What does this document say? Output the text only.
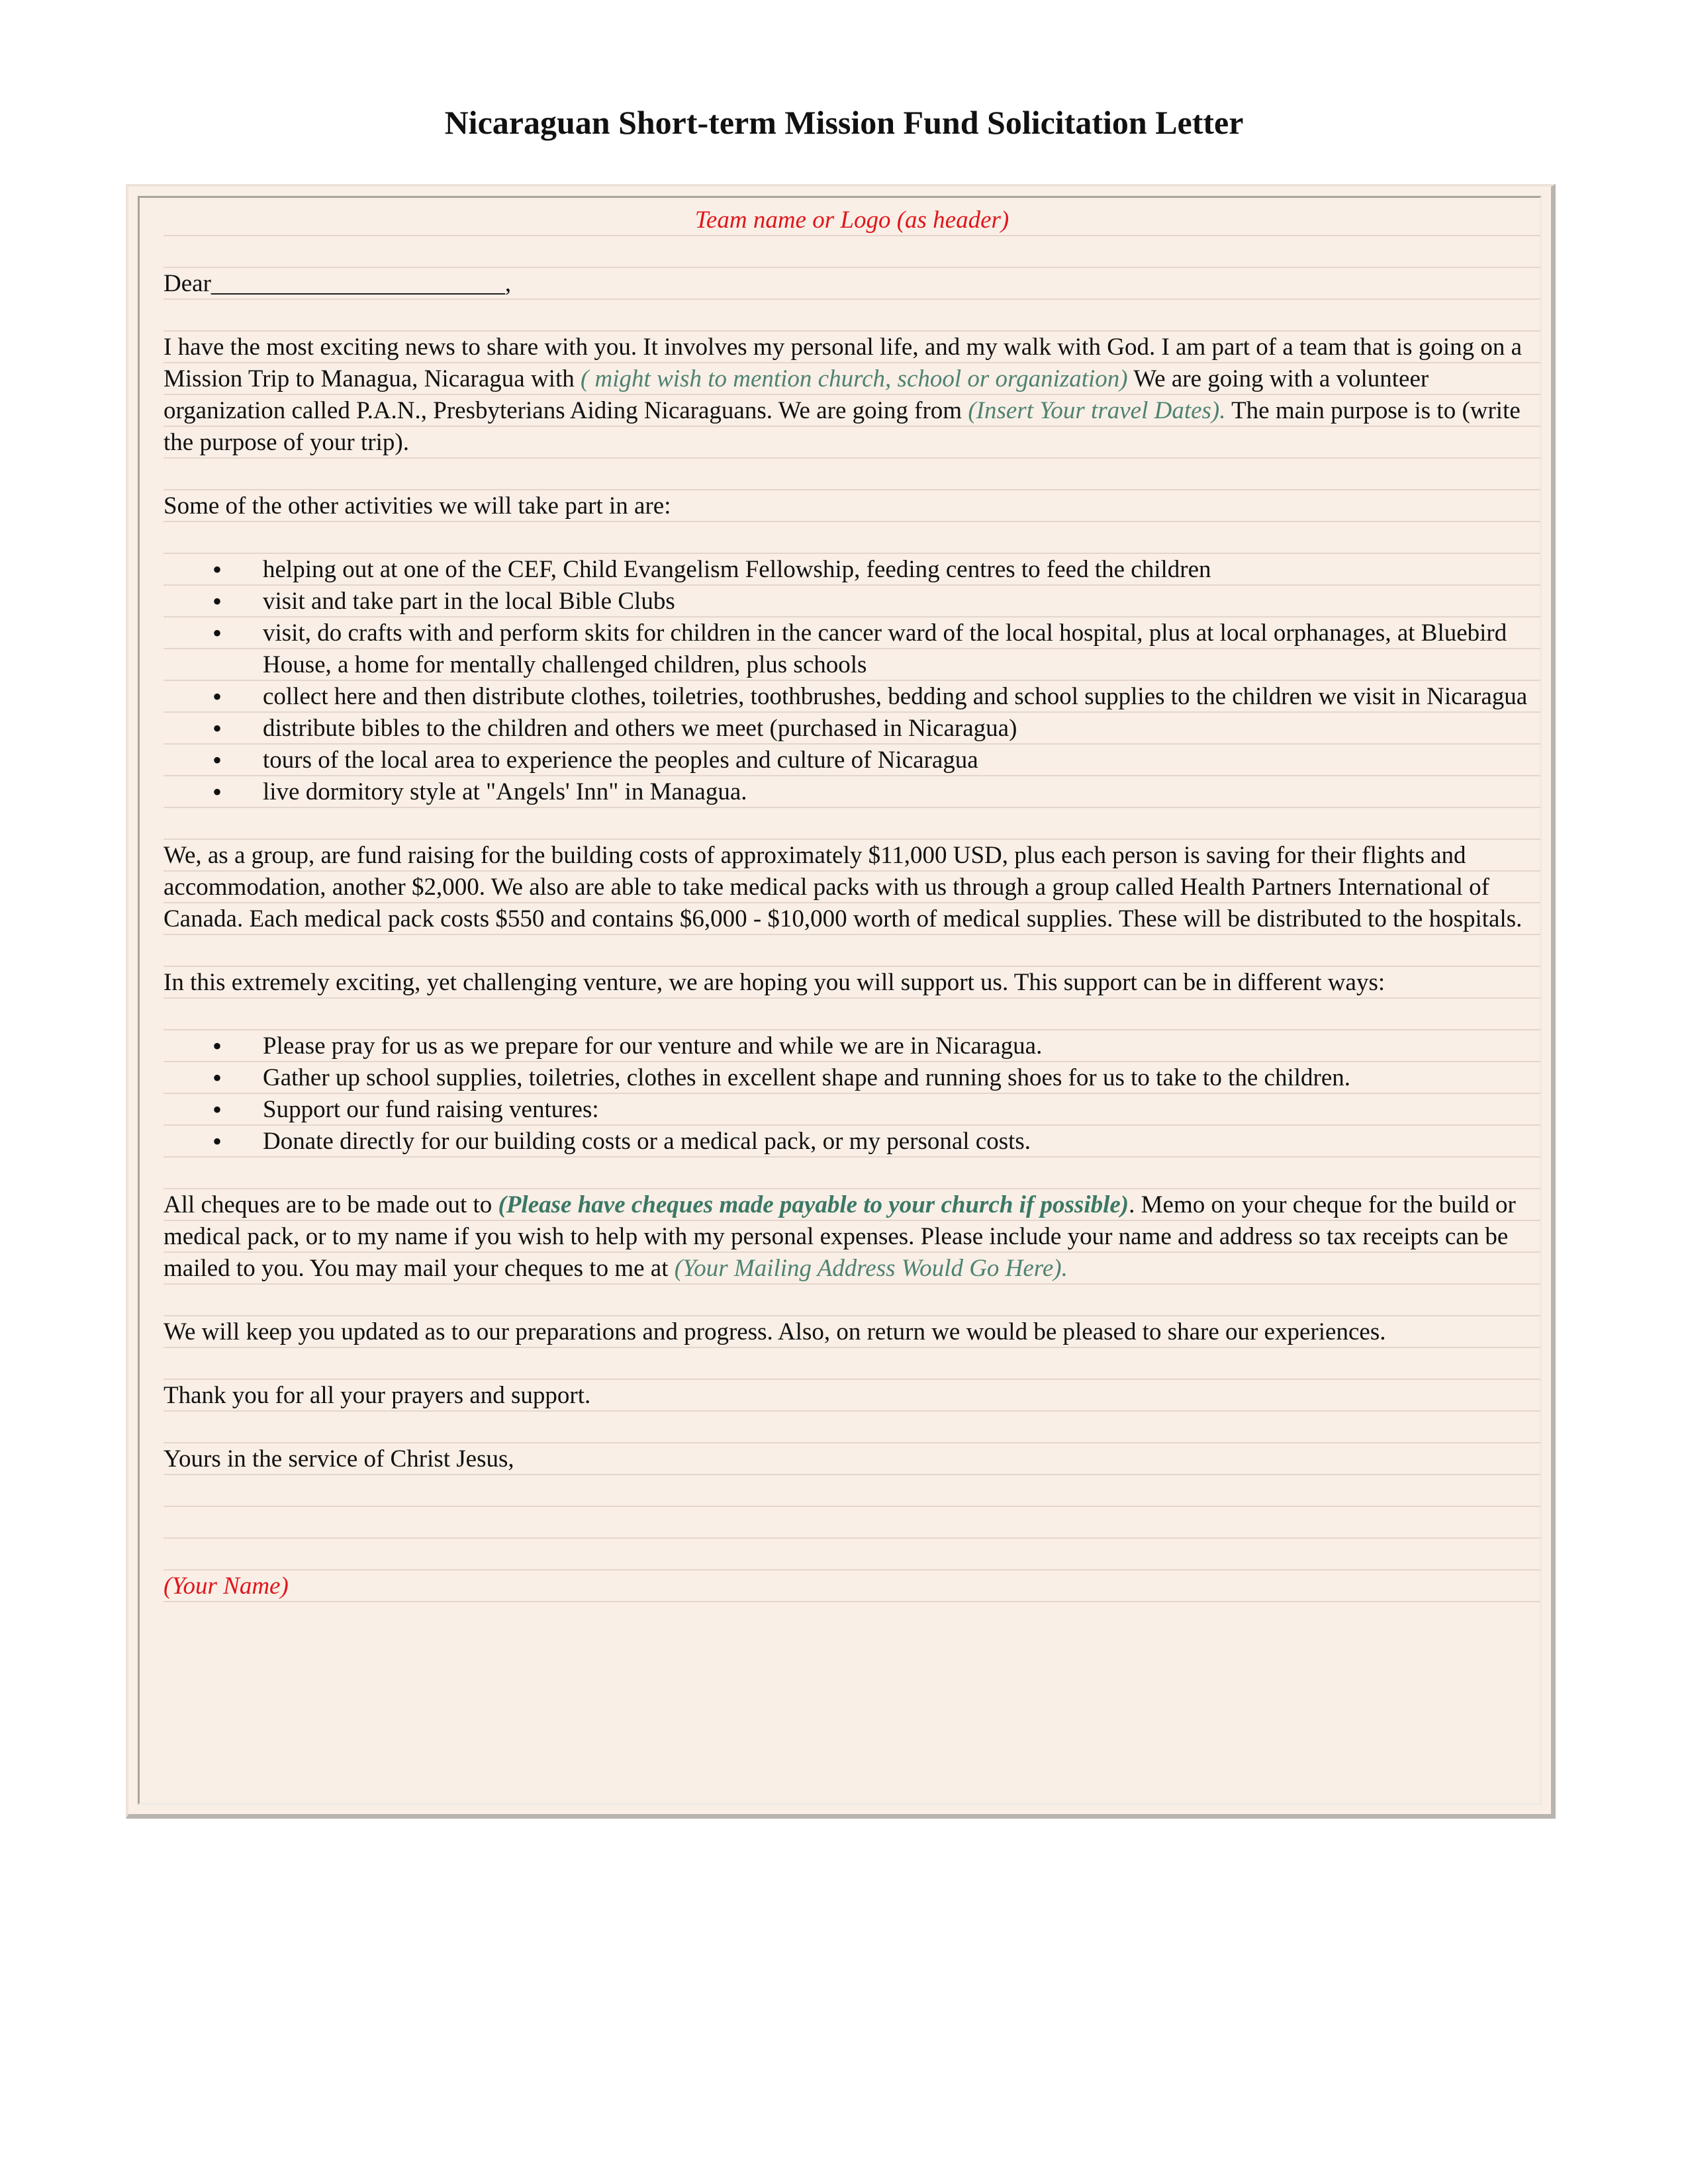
Nicaraguan Short-term Mission Fund Solicitation Letter

Team name or Logo (as header)

Dear________________________,

I have the most exciting news to share with you. It involves my personal life, and my walk with God. I am part of a team that is going on a Mission Trip to Managua, Nicaragua with ( might wish to mention church, school or organization) We are going with a volunteer organization called P.A.N., Presbyterians Aiding Nicaraguans. We are going from (Insert Your travel Dates). The main purpose is to (write the purpose of your trip).

Some of the other activities we will take part in are:

• helping out at one of the CEF, Child Evangelism Fellowship, feeding centres to feed the children
• visit and take part in the local Bible Clubs
• visit, do crafts with and perform skits for children in the cancer ward of the local hospital, plus at local orphanages, at Bluebird House, a home for mentally challenged children, plus schools
• collect here and then distribute clothes, toiletries, toothbrushes, bedding and school supplies to the children we visit in Nicaragua
• distribute bibles to the children and others we meet (purchased in Nicaragua)
• tours of the local area to experience the peoples and culture of Nicaragua
• live dormitory style at "Angels' Inn" in Managua.

We, as a group, are fund raising for the building costs of approximately $11,000 USD, plus each person is saving for their flights and accommodation, another $2,000. We also are able to take medical packs with us through a group called Health Partners International of Canada. Each medical pack costs $550 and contains $6,000 - $10,000 worth of medical supplies. These will be distributed to the hospitals.

In this extremely exciting, yet challenging venture, we are hoping you will support us. This support can be in different ways:

• Please pray for us as we prepare for our venture and while we are in Nicaragua.
• Gather up school supplies, toiletries, clothes in excellent shape and running shoes for us to take to the children.
• Support our fund raising ventures:
• Donate directly for our building costs or a medical pack, or my personal costs.

All cheques are to be made out to (Please have cheques made payable to your church if possible). Memo on your cheque for the build or medical pack, or to my name if you wish to help with my personal expenses. Please include your name and address so tax receipts can be mailed to you. You may mail your cheques to me at (Your Mailing Address Would Go Here).

We will keep you updated as to our preparations and progress. Also, on return we would be pleased to share our experiences.

Thank you for all your prayers and support.

Yours in the service of Christ Jesus,

(Your Name)
